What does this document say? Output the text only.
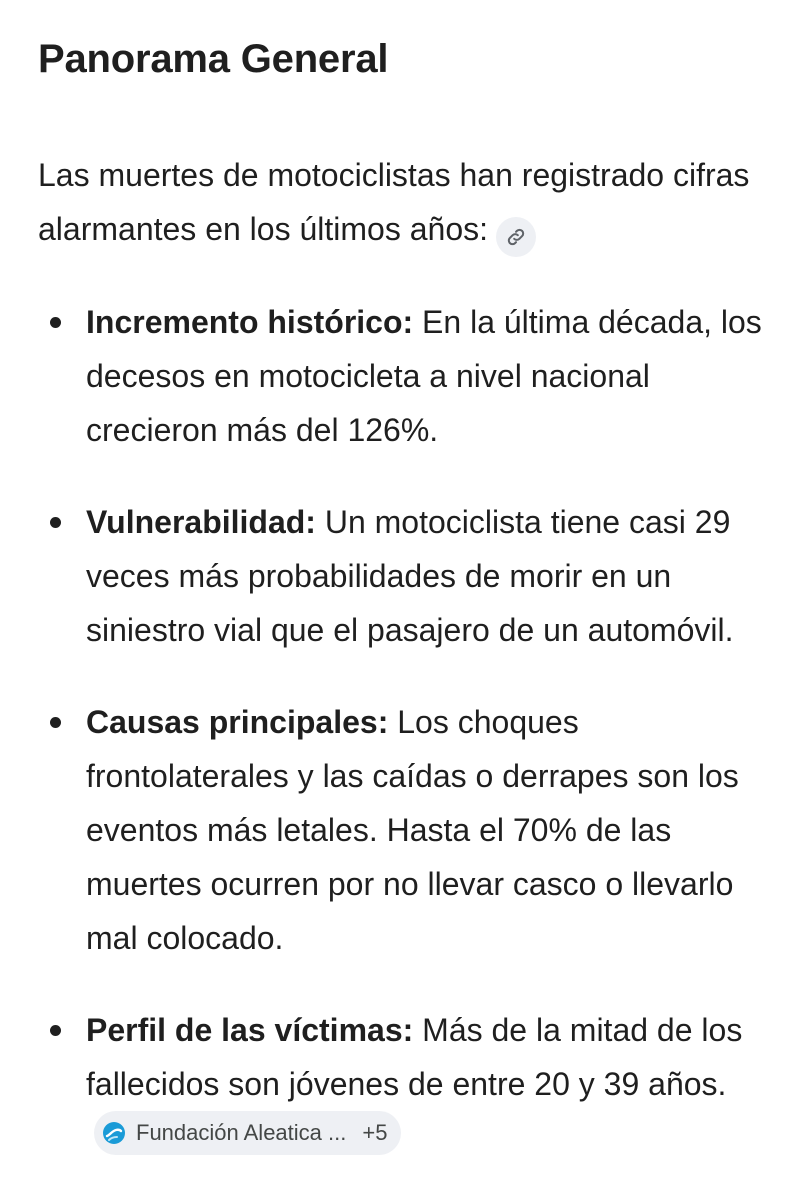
Panorama General

Las muertes de motociclistas han registrado cifras alarmantes en los últimos años:

Incremento histórico: En la última década, los decesos en motocicleta a nivel nacional crecieron más del 126%.
Vulnerabilidad: Un motociclista tiene casi 29 veces más probabilidades de morir en un siniestro vial que el pasajero de un automóvil.
Causas principales: Los choques frontolaterales y las caídas o derrapes son los eventos más letales. Hasta el 70% de las muertes ocurren por no llevar casco o llevarlo mal colocado.
Perfil de las víctimas: Más de la mitad de los fallecidos son jóvenes de entre 20 y 39 años.
Fundación Aleatica ... +5
